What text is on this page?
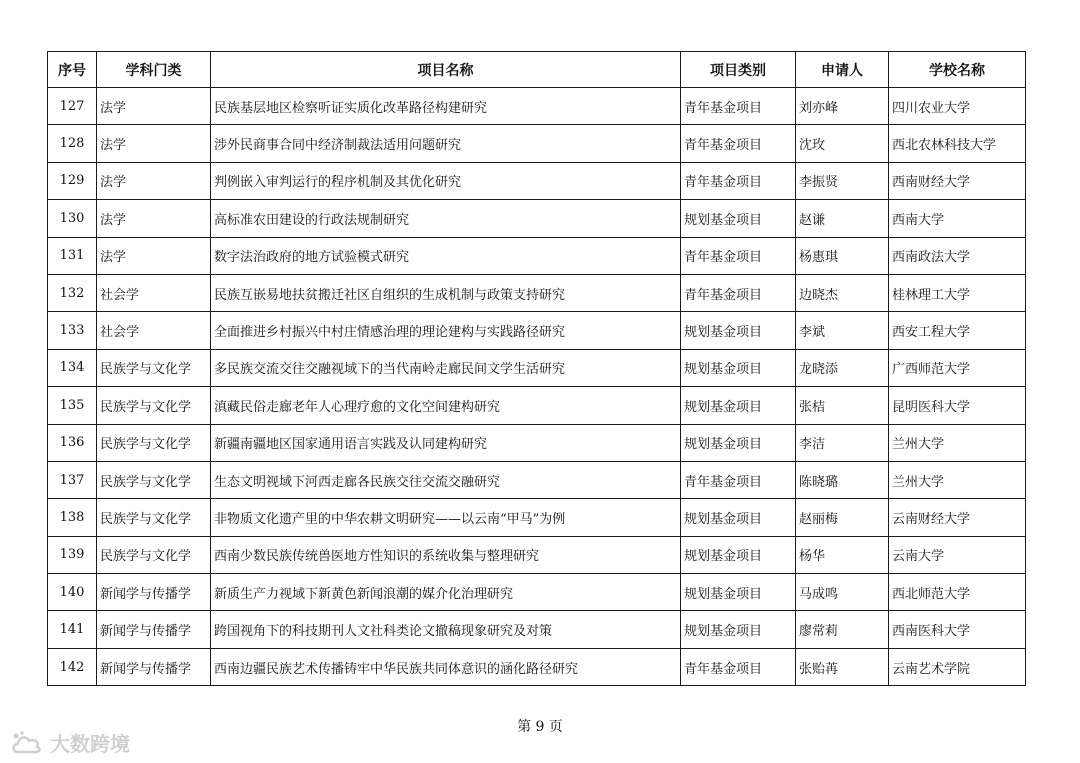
序号	学科门类	项目名称	项目类别	申请人	学校名称
127	法学	民族基层地区检察听证实质化改革路径构建研究	青年基金项目	刘亦峰	四川农业大学
128	法学	涉外民商事合同中经济制裁法适用问题研究	青年基金项目	沈玫	西北农林科技大学
129	法学	判例嵌入审判运行的程序机制及其优化研究	青年基金项目	李振贤	西南财经大学
130	法学	高标准农田建设的行政法规制研究	规划基金项目	赵谦	西南大学
131	法学	数字法治政府的地方试验模式研究	青年基金项目	杨惠琪	西南政法大学
132	社会学	民族互嵌易地扶贫搬迁社区自组织的生成机制与政策支持研究	青年基金项目	边晓杰	桂林理工大学
133	社会学	全面推进乡村振兴中村庄情感治理的理论建构与实践路径研究	规划基金项目	李斌	西安工程大学
134	民族学与文化学	多民族交流交往交融视域下的当代南岭走廊民间文学生活研究	规划基金项目	龙晓添	广西师范大学
135	民族学与文化学	滇藏民俗走廊老年人心理疗愈的文化空间建构研究	规划基金项目	张桔	昆明医科大学
136	民族学与文化学	新疆南疆地区国家通用语言实践及认同建构研究	规划基金项目	李洁	兰州大学
137	民族学与文化学	生态文明视域下河西走廊各民族交往交流交融研究	青年基金项目	陈晓璐	兰州大学
138	民族学与文化学	非物质文化遗产里的中华农耕文明研究——以云南“甲马”为例	规划基金项目	赵丽梅	云南财经大学
139	民族学与文化学	西南少数民族传统兽医地方性知识的系统收集与整理研究	规划基金项目	杨华	云南大学
140	新闻学与传播学	新质生产力视域下新黄色新闻浪潮的媒介化治理研究	规划基金项目	马成鸣	西北师范大学
141	新闻学与传播学	跨国视角下的科技期刊人文社科类论文撤稿现象研究及对策	规划基金项目	廖常莉	西南医科大学
142	新闻学与传播学	西南边疆民族艺术传播铸牢中华民族共同体意识的涵化路径研究	青年基金项目	张贻苒	云南艺术学院
第 9 页
大数跨境
